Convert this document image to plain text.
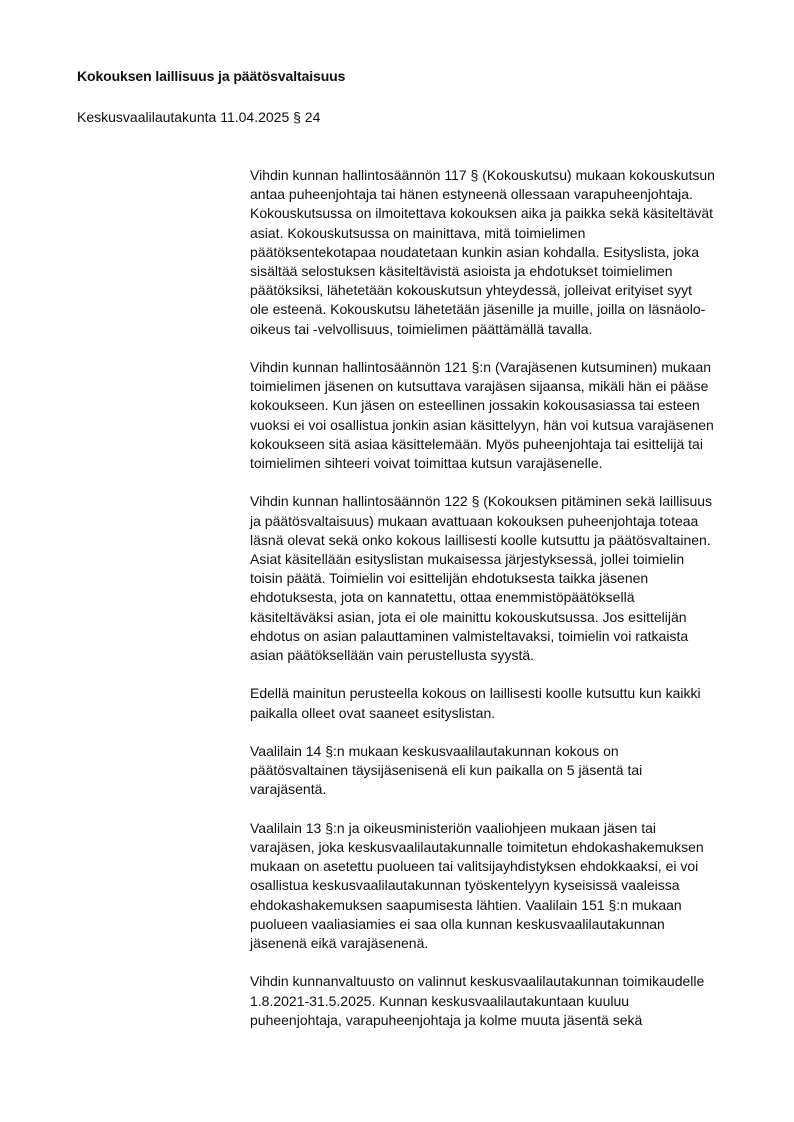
Kokouksen laillisuus ja päätösvaltaisuus
Keskusvaalilautakunta 11.04.2025 § 24
Vihdin kunnan hallintosäännön 117 § (Kokouskutsu) mukaan kokouskutsun
antaa puheenjohtaja tai hänen estyneenä ollessaan varapuheenjohtaja.
Kokouskutsussa on ilmoitettava kokouksen aika ja paikka sekä käsiteltävät
asiat. Kokouskutsussa on mainittava, mitä toimielimen
päätöksentekotapaa noudatetaan kunkin asian kohdalla. Esityslista, joka
sisältää selostuksen käsiteltävistä asioista ja ehdotukset toimielimen
päätöksiksi, lähetetään kokouskutsun yhteydessä, jolleivat erityiset syyt
ole esteenä. Kokouskutsu lähetetään jäsenille ja muille, joilla on läsnäolo-
oikeus tai -velvollisuus, toimielimen päättämällä tavalla.
Vihdin kunnan hallintosäännön 121 §:n (Varajäsenen kutsuminen) mukaan
toimielimen jäsenen on kutsuttava varajäsen sijaansa, mikäli hän ei pääse
kokoukseen. Kun jäsen on esteellinen jossakin kokousasiassa tai esteen
vuoksi ei voi osallistua jonkin asian käsittelyyn, hän voi kutsua varajäsenen
kokoukseen sitä asiaa käsittelemään. Myös puheenjohtaja tai esittelijä tai
toimielimen sihteeri voivat toimittaa kutsun varajäsenelle.
Vihdin kunnan hallintosäännön 122 § (Kokouksen pitäminen sekä laillisuus
ja päätösvaltaisuus) mukaan avattuaan kokouksen puheenjohtaja toteaa
läsnä olevat sekä onko kokous laillisesti koolle kutsuttu ja päätösvaltainen.
Asiat käsitellään esityslistan mukaisessa järjestyksessä, jollei toimielin
toisin päätä. Toimielin voi esittelijän ehdotuksesta taikka jäsenen
ehdotuksesta, jota on kannatettu, ottaa enemmistöpäätöksellä
käsiteltäväksi asian, jota ei ole mainittu kokouskutsussa. Jos esittelijän
ehdotus on asian palauttaminen valmisteltavaksi, toimielin voi ratkaista
asian päätöksellään vain perustellusta syystä.
Edellä mainitun perusteella kokous on laillisesti koolle kutsuttu kun kaikki
paikalla olleet ovat saaneet esityslistan.
Vaalilain 14 §:n mukaan keskusvaalilautakunnan kokous on
päätösvaltainen täysijäsenisenä eli kun paikalla on 5 jäsentä tai
varajäsentä.
Vaalilain 13 §:n ja oikeusministeriön vaaliohjeen mukaan jäsen tai
varajäsen, joka keskusvaalilautakunnalle toimitetun ehdokashakemuksen
mukaan on asetettu puolueen tai valitsijayhdistyksen ehdokkaaksi, ei voi
osallistua keskusvaalilautakunnan työskentelyyn kyseisissä vaaleissa
ehdokashakemuksen saapumisesta lähtien. Vaalilain 151 §:n mukaan
puolueen vaaliasiamies ei saa olla kunnan keskusvaalilautakunnan
jäsenenä eikä varajäsenenä.
Vihdin kunnanvaltuusto on valinnut keskusvaalilautakunnan toimikaudelle
1.8.2021-31.5.2025. Kunnan keskusvaalilautakuntaan kuuluu
puheenjohtaja, varapuheenjohtaja ja kolme muuta jäsentä sekä
